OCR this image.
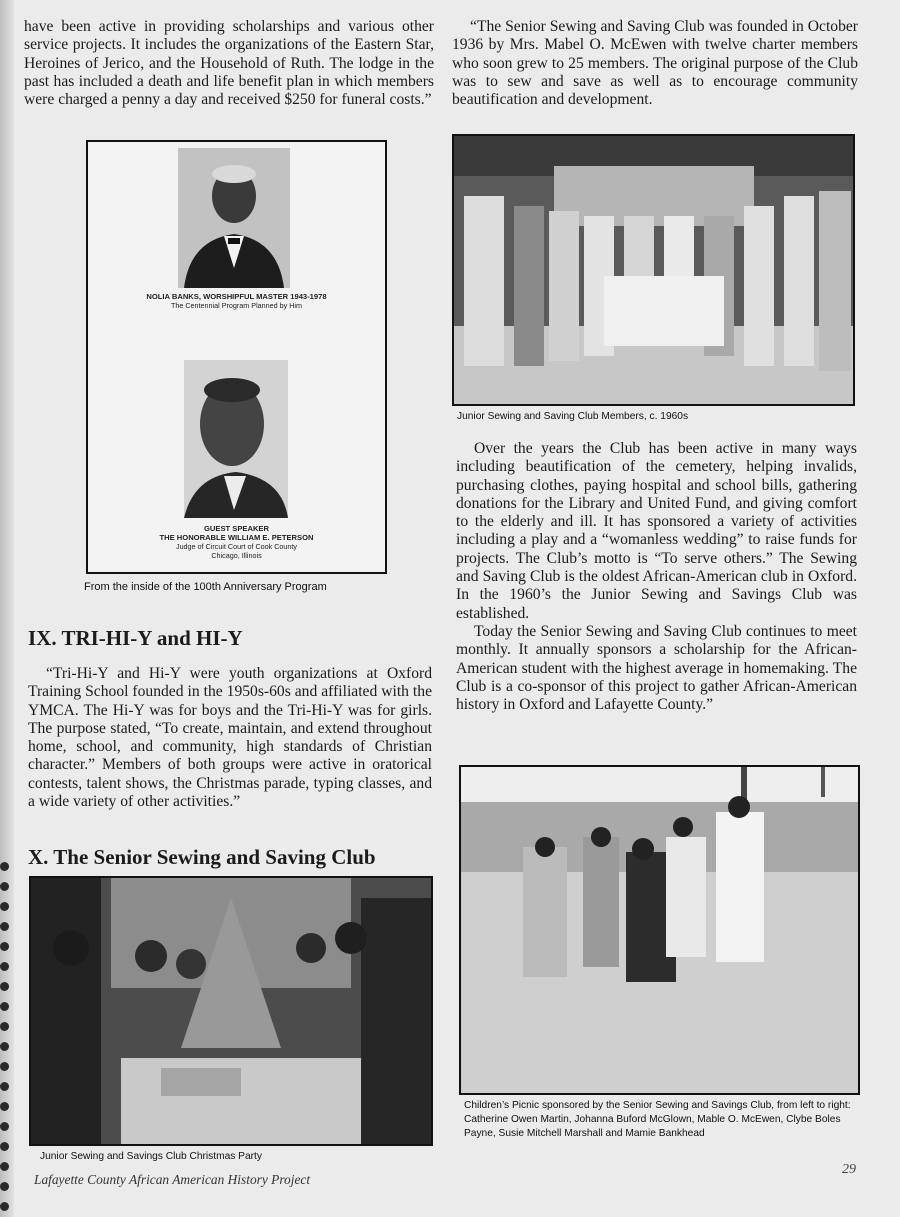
have been active in providing scholarships and various other service projects. It includes the organizations of the Eastern Star, Heroines of Jerico, and the Household of Ruth. The lodge in the past has included a death and life benefit plan in which members were charged a penny a day and received $250 for funeral costs.”

NOLIA BANKS, WORSHIPFUL MASTER 1943-1978
The Centennial Program Planned by Him
GUEST SPEAKER
THE HONORABLE WILLIAM E. PETERSON
Judge of Circuit Court of Cook County
Chicago, Illinois
From the inside of the 100th Anniversary Program
IX. TRI-HI-Y and HI-Y

“Tri-Hi-Y and Hi-Y were youth organizations at Oxford Training School founded in the 1950s-60s and affiliated with the YMCA. The Hi-Y was for boys and the Tri-Hi-Y was for girls. The purpose stated, “To create, maintain, and extend throughout home, school, and community, high standards of Christian character.” Members of both groups were active in oratorical contests, talent shows, the Christmas parade, typing classes, and a wide variety of other activities.”

X. The Senior Sewing and Saving Club
Junior Sewing and Savings Club Christmas Party

“The Senior Sewing and Saving Club was founded in October 1936 by Mrs. Mabel O. McEwen with twelve charter members who soon grew to 25 members. The original purpose of the Club was to sew and save as well as to encourage community beautification and development.

Junior Sewing and Saving Club Members, c. 1960s

Over the years the Club has been active in many ways including beautification of the cemetery, helping invalids, purchasing clothes, paying hospital and school bills, gathering donations for the Library and United Fund, and giving comfort to the elderly and ill. It has sponsored a variety of activities including a play and a “womanless wedding” to raise funds for projects. The Club’s motto is “To serve others.” The Sewing and Saving Club is the oldest African-American club in Oxford. In the 1960’s the Junior Sewing and Savings Club was established.

Today the Senior Sewing and Saving Club continues to meet monthly. It annually sponsors a scholarship for the African-American student with the highest average in homemaking. The Club is a co-sponsor of this project to gather African-American history in Oxford and Lafayette County.”

Children’s Picnic sponsored by the Senior Sewing and Savings Club, from left to right:
Catherine Owen Martin, Johanna Buford McGlown, Mable O. McEwen, Clybe Boles
Payne, Susie Mitchell Marshall and Mamie Bankhead
Lafayette County African American History Project
29
